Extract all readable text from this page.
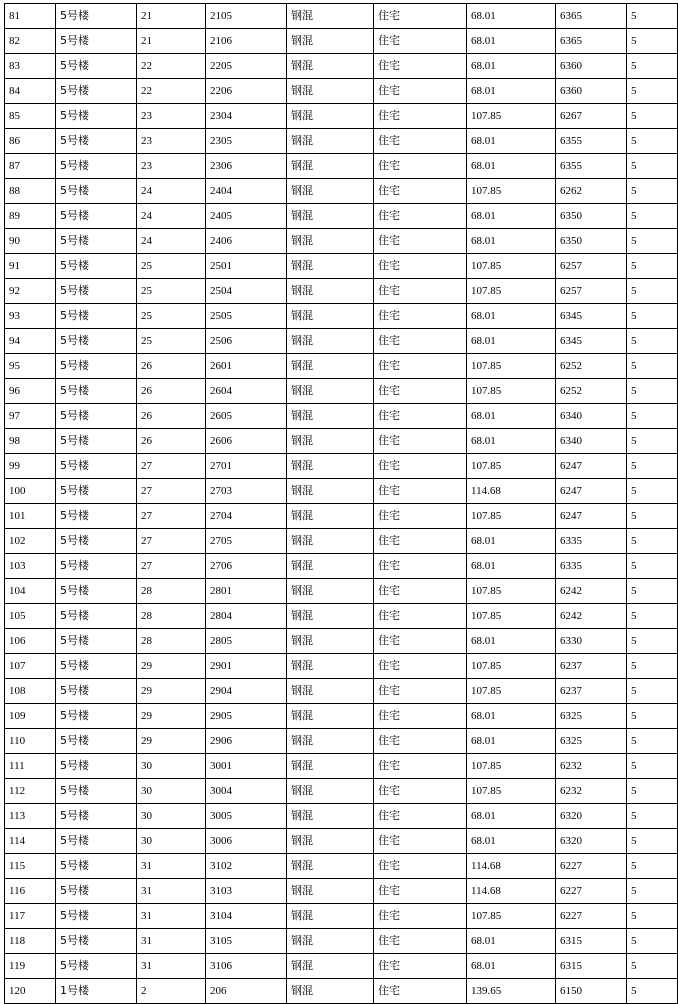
81	5号楼	21	2105	钢混	住宅	68.01	6365	5
82	5号楼	21	2106	钢混	住宅	68.01	6365	5
83	5号楼	22	2205	钢混	住宅	68.01	6360	5
84	5号楼	22	2206	钢混	住宅	68.01	6360	5
85	5号楼	23	2304	钢混	住宅	107.85	6267	5
86	5号楼	23	2305	钢混	住宅	68.01	6355	5
87	5号楼	23	2306	钢混	住宅	68.01	6355	5
88	5号楼	24	2404	钢混	住宅	107.85	6262	5
89	5号楼	24	2405	钢混	住宅	68.01	6350	5
90	5号楼	24	2406	钢混	住宅	68.01	6350	5
91	5号楼	25	2501	钢混	住宅	107.85	6257	5
92	5号楼	25	2504	钢混	住宅	107.85	6257	5
93	5号楼	25	2505	钢混	住宅	68.01	6345	5
94	5号楼	25	2506	钢混	住宅	68.01	6345	5
95	5号楼	26	2601	钢混	住宅	107.85	6252	5
96	5号楼	26	2604	钢混	住宅	107.85	6252	5
97	5号楼	26	2605	钢混	住宅	68.01	6340	5
98	5号楼	26	2606	钢混	住宅	68.01	6340	5
99	5号楼	27	2701	钢混	住宅	107.85	6247	5
100	5号楼	27	2703	钢混	住宅	114.68	6247	5
101	5号楼	27	2704	钢混	住宅	107.85	6247	5
102	5号楼	27	2705	钢混	住宅	68.01	6335	5
103	5号楼	27	2706	钢混	住宅	68.01	6335	5
104	5号楼	28	2801	钢混	住宅	107.85	6242	5
105	5号楼	28	2804	钢混	住宅	107.85	6242	5
106	5号楼	28	2805	钢混	住宅	68.01	6330	5
107	5号楼	29	2901	钢混	住宅	107.85	6237	5
108	5号楼	29	2904	钢混	住宅	107.85	6237	5
109	5号楼	29	2905	钢混	住宅	68.01	6325	5
110	5号楼	29	2906	钢混	住宅	68.01	6325	5
111	5号楼	30	3001	钢混	住宅	107.85	6232	5
112	5号楼	30	3004	钢混	住宅	107.85	6232	5
113	5号楼	30	3005	钢混	住宅	68.01	6320	5
114	5号楼	30	3006	钢混	住宅	68.01	6320	5
115	5号楼	31	3102	钢混	住宅	114.68	6227	5
116	5号楼	31	3103	钢混	住宅	114.68	6227	5
117	5号楼	31	3104	钢混	住宅	107.85	6227	5
118	5号楼	31	3105	钢混	住宅	68.01	6315	5
119	5号楼	31	3106	钢混	住宅	68.01	6315	5
120	1号楼	2	206	钢混	住宅	139.65	6150	5
